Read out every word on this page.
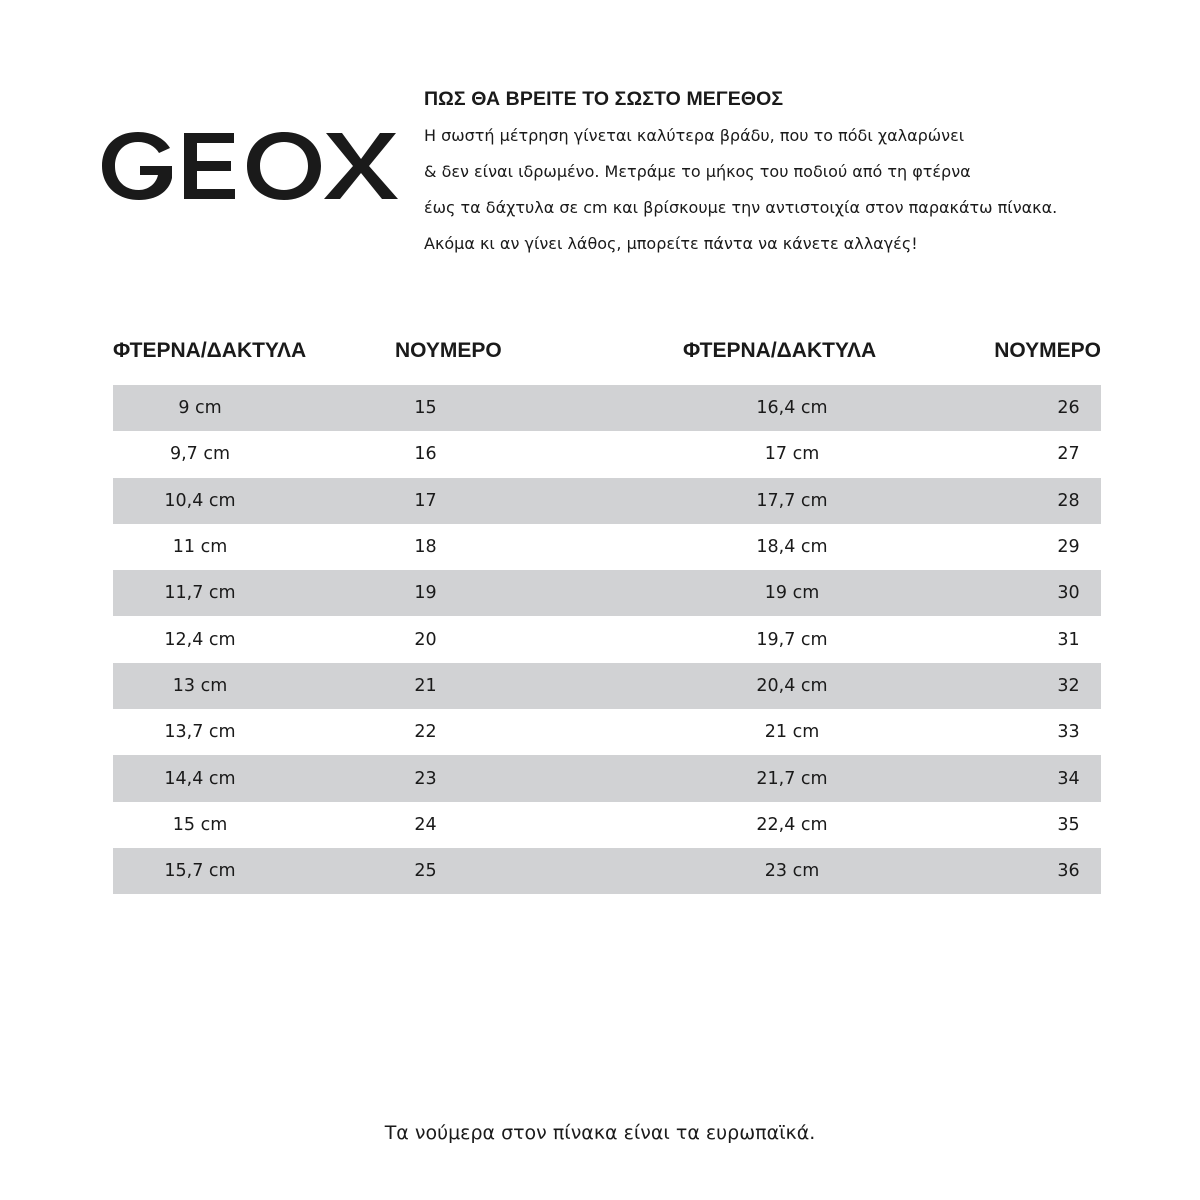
ΠΩΣ ΘΑ ΒΡΕΙΤΕ ΤΟ ΣΩΣΤΟ ΜΕΓΕΘΟΣ
Η σωστή μέτρηση γίνεται καλύτερα βράδυ, που το πόδι χαλαρώνει
& δεν είναι ιδρωμένο. Μετράμε το μήκος του ποδιού από τη φτέρνα
έως τα δάχτυλα σε cm και βρίσκουμε την αντιστοιχία στον παρακάτω πίνακα.
Ακόμα κι αν γίνει λάθος, μπορείτε πάντα να κάνετε αλλαγές!
ΦΤΕΡΝΑ/ΔΑΚΤΥΛΑ	ΝΟΥΜΕΡΟ	ΦΤΕΡΝΑ/ΔΑΚΤΥΛΑ	ΝΟΥΜΕΡΟ
9 cm	15	16,4 cm	26
9,7 cm	16	17 cm	27
10,4 cm	17	17,7 cm	28
11 cm	18	18,4 cm	29
11,7 cm	19	19 cm	30
12,4 cm	20	19,7 cm	31
13 cm	21	20,4 cm	32
13,7 cm	22	21 cm	33
14,4 cm	23	21,7 cm	34
15 cm	24	22,4 cm	35
15,7 cm	25	23 cm	36
Τα νούμερα στον πίνακα είναι τα ευρωπαϊκά.
